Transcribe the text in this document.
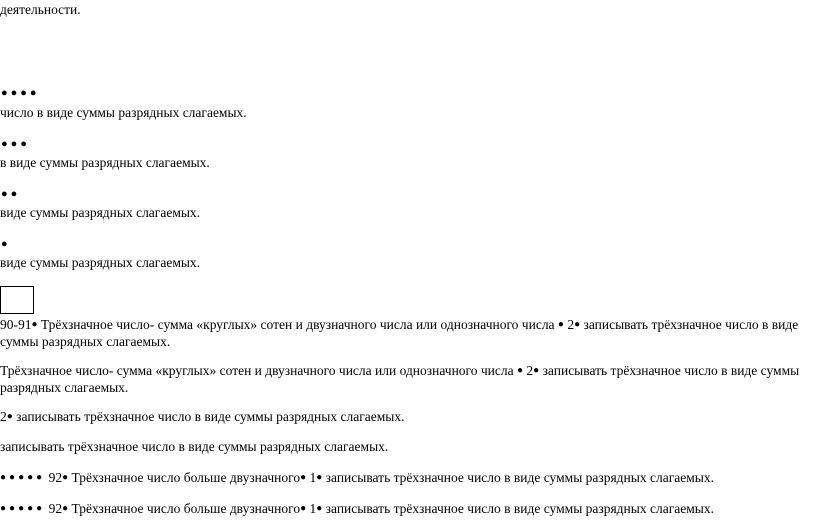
деятельности.
●●●●
число в виде суммы разрядных слагаемых.
●●●
в виде суммы разрядных слагаемых.
●●
виде суммы разрядных слагаемых.
●
виде суммы разрядных слагаемых.
90-91● Трёхзначное число- сумма «круглых» сотен и двузначного числа или однозначного числа ● 2● записывать трёхзначное число в виде
суммы разрядных слагаемых.
Трёхзначное число- сумма «круглых» сотен и двузначного числа или однозначного числа ● 2● записывать трёхзначное число в виде суммы
разрядных слагаемых.
2● записывать трёхзначное число в виде суммы разрядных слагаемых.
записывать трёхзначное число в виде суммы разрядных слагаемых.
●●●●● 92● Трёхзначное число больше двузначного● 1● записывать трёхзначное число в виде суммы разрядных слагаемых.
●●●●● 92● Трёхзначное число больше двузначного● 1● записывать трёхзначное число в виде суммы разрядных слагаемых.
